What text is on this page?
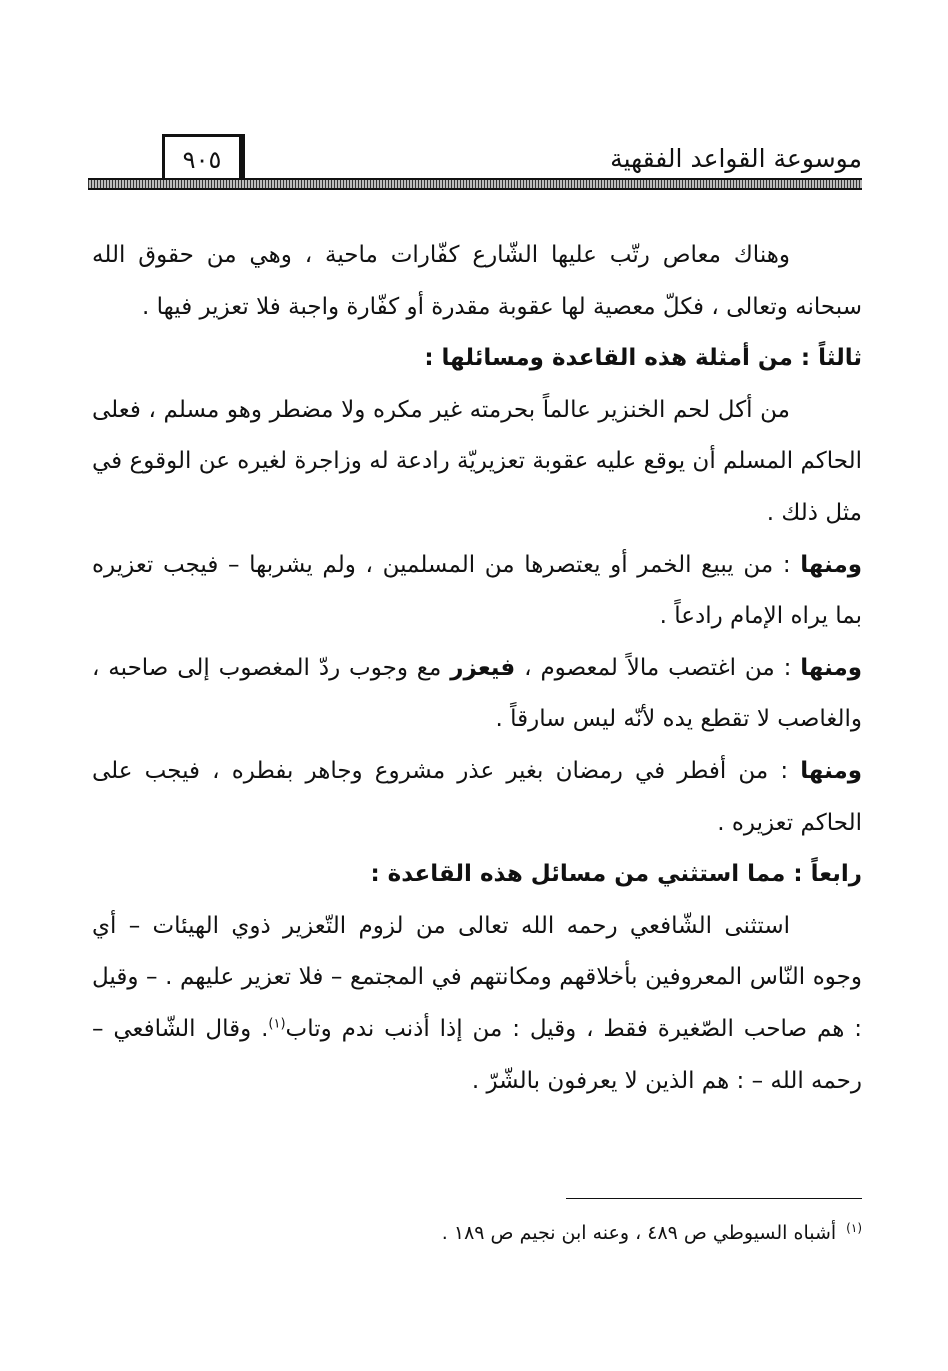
٩٠٥	موسوعة القواعد الفقهية

وهناك معاص رتّب عليها الشّارع كفّارات ماحية ، وهي من حقوق الله سبحانه وتعالى ، فكلّ معصية لها عقوبة مقدرة أو كفّارة واجبة فلا تعزير فيها .

ثالثاً : من أمثلة هذه القاعدة ومسائلها :

من أكل لحم الخنزير عالماً بحرمته غير مكره ولا مضطر وهو مسلم ، فعلى الحاكم المسلم أن يوقع عليه عقوبة تعزيريّة رادعة له وزاجرة لغيره عن الوقوع في مثل ذلك .

ومنها : من يبيع الخمر أو يعتصرها من المسلمين ، ولم يشربها – فيجب تعزيره بما يراه الإمام رادعاً .

ومنها : من اغتصب مالاً لمعصوم ، فيعزر مع وجوب ردّ المغصوب إلى صاحبه ، والغاصب لا تقطع يده لأنّه ليس سارقاً .

ومنها : من أفطر في رمضان بغير عذر مشروع وجاهر بفطره ، فيجب على الحاكم تعزيره .

رابعاً : مما استثني من مسائل هذه القاعدة :

استثنى الشّافعي رحمه الله تعالى من لزوم التّعزير ذوي الهيئات – أي وجوه النّاس المعروفين بأخلاقهم ومكانتهم في المجتمع – فلا تعزير عليهم . – وقيل : هم صاحب الصّغيرة فقط ، وقيل : من إذا أذنب ندم وتاب$^{(١)}$. وقال الشّافعي – رحمه الله – : هم الذين لا يعرفون بالشّرّ .

$^{(١)}$أشباه السيوطي ص ٤٨٩ ، وعنه ابن نجيم ص ١٨٩ .
